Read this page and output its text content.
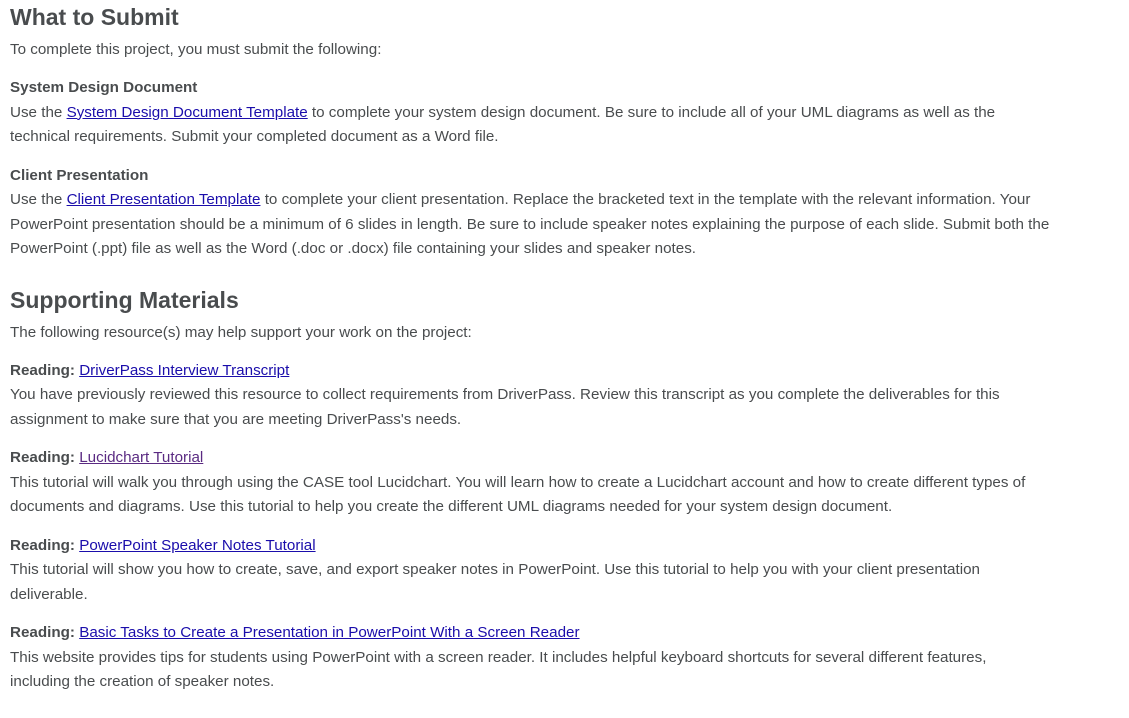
What to Submit

To complete this project, you must submit the following:

System Design Document

Use the System Design Document Template to complete your system design document. Be sure to include all of your UML diagrams as well as the technical requirements. Submit your completed document as a Word file.

Client Presentation

Use the Client Presentation Template to complete your client presentation. Replace the bracketed text in the template with the relevant information. Your PowerPoint presentation should be a minimum of 6 slides in length. Be sure to include speaker notes explaining the purpose of each slide. Submit both the PowerPoint (.ppt) file as well as the Word (.doc or .docx) file containing your slides and speaker notes.

Supporting Materials

The following resource(s) may help support your work on the project:

Reading: DriverPass Interview Transcript

You have previously reviewed this resource to collect requirements from DriverPass. Review this transcript as you complete the deliverables for this assignment to make sure that you are meeting DriverPass's needs.

Reading: Lucidchart Tutorial

This tutorial will walk you through using the CASE tool Lucidchart. You will learn how to create a Lucidchart account and how to create different types of documents and diagrams. Use this tutorial to help you create the different UML diagrams needed for your system design document.

Reading: PowerPoint Speaker Notes Tutorial

This tutorial will show you how to create, save, and export speaker notes in PowerPoint. Use this tutorial to help you with your client presentation deliverable.

Reading: Basic Tasks to Create a Presentation in PowerPoint With a Screen Reader

This website provides tips for students using PowerPoint with a screen reader. It includes helpful keyboard shortcuts for several different features, including the creation of speaker notes.
